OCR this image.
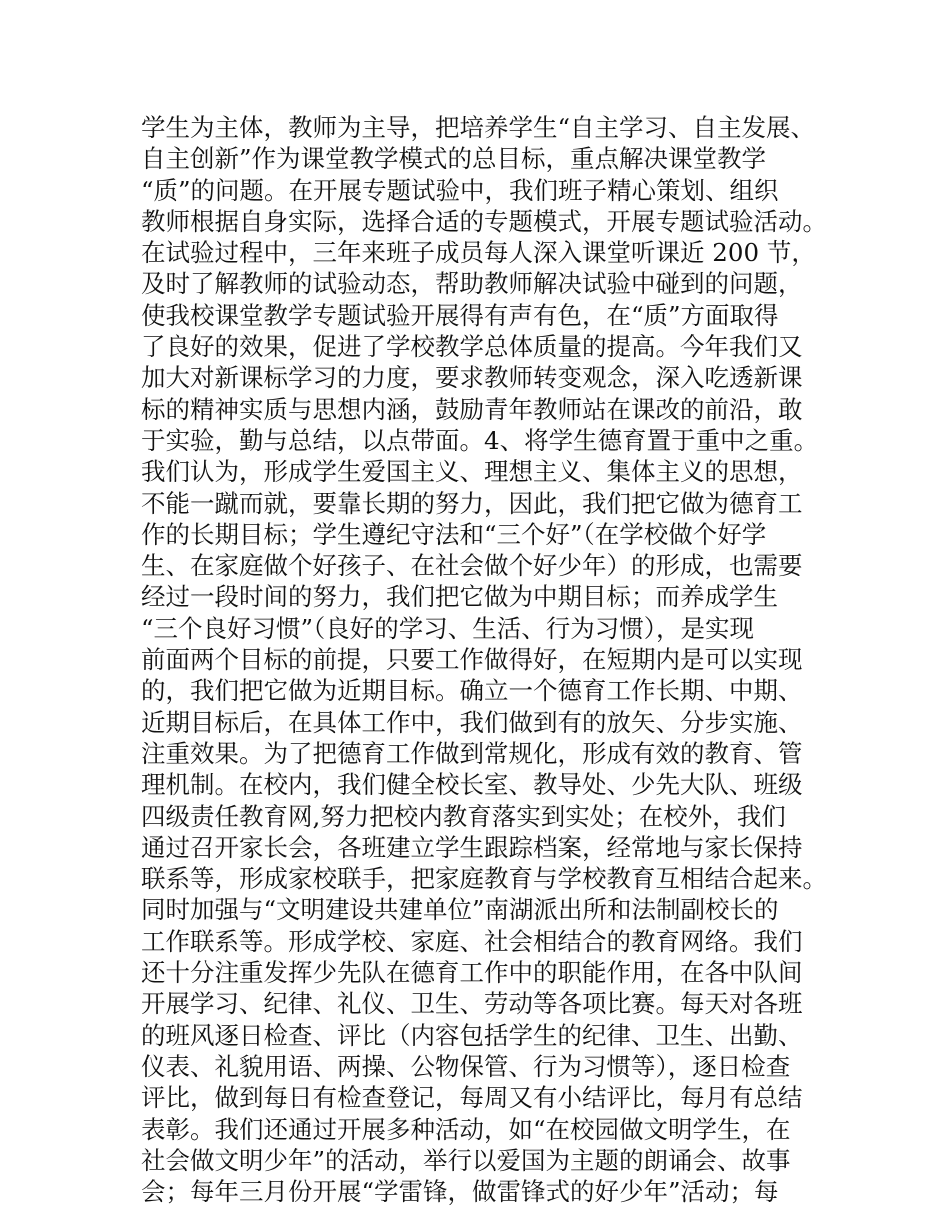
学生为主体，教师为主导，把培养学生“自主学习、自主发展、
自主创新”作为课堂教学模式的总目标，重点解决课堂教学
“质”的问题。在开展专题试验中，我们班子精心策划、组织
教师根据自身实际，选择合适的专题模式，开展专题试验活动。
在试验过程中，三年来班子成员每人深入课堂听课近 200 节，
及时了解教师的试验动态，帮助教师解决试验中碰到的问题，
使我校课堂教学专题试验开展得有声有色，在“质”方面取得
了良好的效果，促进了学校教学总体质量的提高。今年我们又
加大对新课标学习的力度，要求教师转变观念，深入吃透新课
标的精神实质与思想内涵，鼓励青年教师站在课改的前沿，敢
于实验，勤与总结，以点带面。4、将学生德育置于重中之重。
我们认为，形成学生爱国主义、理想主义、集体主义的思想，
不能一蹴而就，要靠长期的努力，因此，我们把它做为德育工
作的长期目标；学生遵纪守法和“三个好”（在学校做个好学
生、在家庭做个好孩子、在社会做个好少年）的形成，也需要
经过一段时间的努力，我们把它做为中期目标；而养成学生
“三个良好习惯”（良好的学习、生活、行为习惯），是实现
前面两个目标的前提，只要工作做得好，在短期内是可以实现
的，我们把它做为近期目标。确立一个德育工作长期、中期、
近期目标后，在具体工作中，我们做到有的放矢、分步实施、
注重效果。为了把德育工作做到常规化，形成有效的教育、管
理机制。在校内，我们健全校长室、教导处、少先大队、班级
四级责任教育网,努力把校内教育落实到实处；在校外，我们
通过召开家长会，各班建立学生跟踪档案，经常地与家长保持
联系等，形成家校联手，把家庭教育与学校教育互相结合起来。
同时加强与“文明建设共建单位”南湖派出所和法制副校长的
工作联系等。形成学校、家庭、社会相结合的教育网络。我们
还十分注重发挥少先队在德育工作中的职能作用，在各中队间
开展学习、纪律、礼仪、卫生、劳动等各项比赛。每天对各班
的班风逐日检查、评比（内容包括学生的纪律、卫生、出勤、
仪表、礼貌用语、两操、公物保管、行为习惯等），逐日检查
评比，做到每日有检查登记，每周又有小结评比，每月有总结
表彰。我们还通过开展多种活动，如“在校园做文明学生，在
社会做文明少年”的活动，举行以爱国为主题的朗诵会、故事
会；每年三月份开展“学雷锋，做雷锋式的好少年”活动；每
